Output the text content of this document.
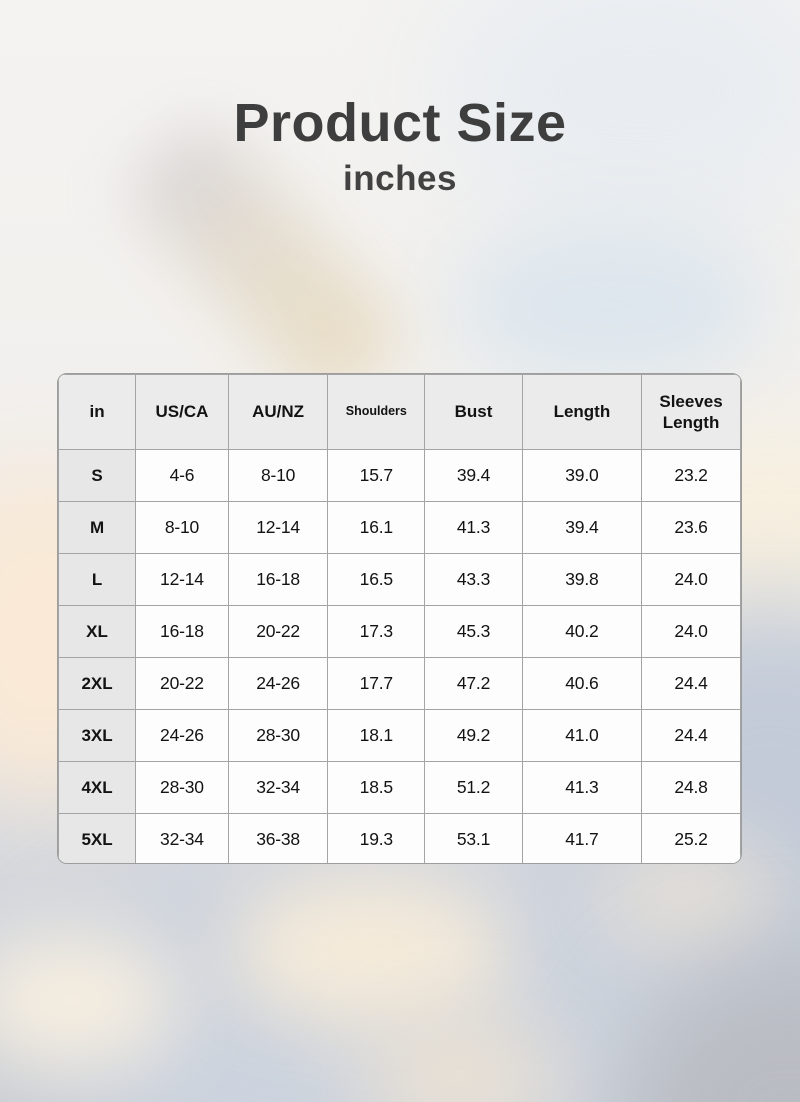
Product Size
inches
in	US/CA	AU/NZ	Shoulders	Bust	Length	Sleeves Length
S	4-6	8-10	15.7	39.4	39.0	23.2
M	8-10	12-14	16.1	41.3	39.4	23.6
L	12-14	16-18	16.5	43.3	39.8	24.0
XL	16-18	20-22	17.3	45.3	40.2	24.0
2XL	20-22	24-26	17.7	47.2	40.6	24.4
3XL	24-26	28-30	18.1	49.2	41.0	24.4
4XL	28-30	32-34	18.5	51.2	41.3	24.8
5XL	32-34	36-38	19.3	53.1	41.7	25.2
